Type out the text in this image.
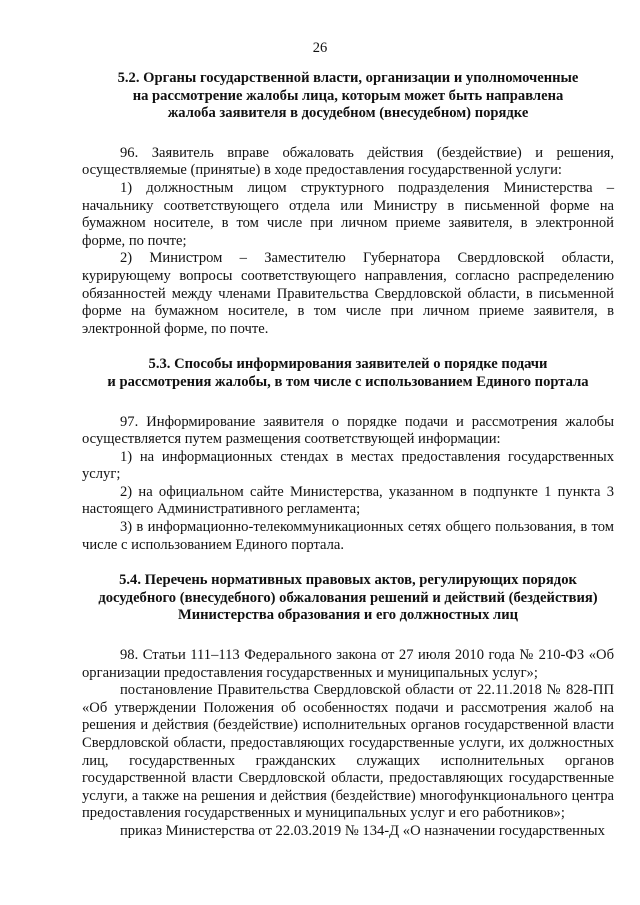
26
5.2. Органы государственной власти, организации и уполномоченные
на рассмотрение жалобы лица, которым может быть направлена
жалоба заявителя в досудебном (внесудебном) порядке

96. Заявитель вправе обжаловать действия (бездействие) и решения, осуществляемые (принятые) в ходе предоставления государственной услуги:

1) должностным лицом структурного подразделения Министерства – начальнику соответствующего отдела или Министру в письменной форме на бумажном носителе, в том числе при личном приеме заявителя, в электронной форме, по почте;

2) Министром – Заместителю Губернатора Свердловской области, курирующему вопросы соответствующего направления, согласно распределению обязанностей между членами Правительства Свердловской области, в письменной форме на бумажном носителе, в том числе при личном приеме заявителя, в электронной форме, по почте.

5.3. Способы информирования заявителей о порядке подачи
и рассмотрения жалобы, в том числе с использованием Единого портала

97. Информирование заявителя о порядке подачи и рассмотрения жалобы осуществляется путем размещения соответствующей информации:

1) на информационных стендах в местах предоставления государственных услуг;

2) на официальном сайте Министерства, указанном в подпункте 1 пункта 3 настоящего Административного регламента;

3) в информационно-телекоммуникационных сетях общего пользования, в том числе с использованием Единого портала.

5.4. Перечень нормативных правовых актов, регулирующих порядок
досудебного (внесудебного) обжалования решений и действий (бездействия)
Министерства образования и его должностных лиц

98. Статьи 111–113 Федерального закона от 27 июля 2010 года № 210-ФЗ «Об организации предоставления государственных и муниципальных услуг»;

постановление Правительства Свердловской области от 22.11.2018 № 828-ПП «Об утверждении Положения об особенностях подачи и рассмотрения жалоб на решения и действия (бездействие) исполнительных органов государственной власти Свердловской области, предоставляющих государственные услуги, их должностных лиц, государственных гражданских служащих исполнительных органов государственной власти Свердловской области, предоставляющих государственные услуги, а также на решения и действия (бездействие) многофункционального центра предоставления государственных и муниципальных услуг и его работников»;

приказ Министерства от 22.03.2019 № 134-Д «О назначении государственных
